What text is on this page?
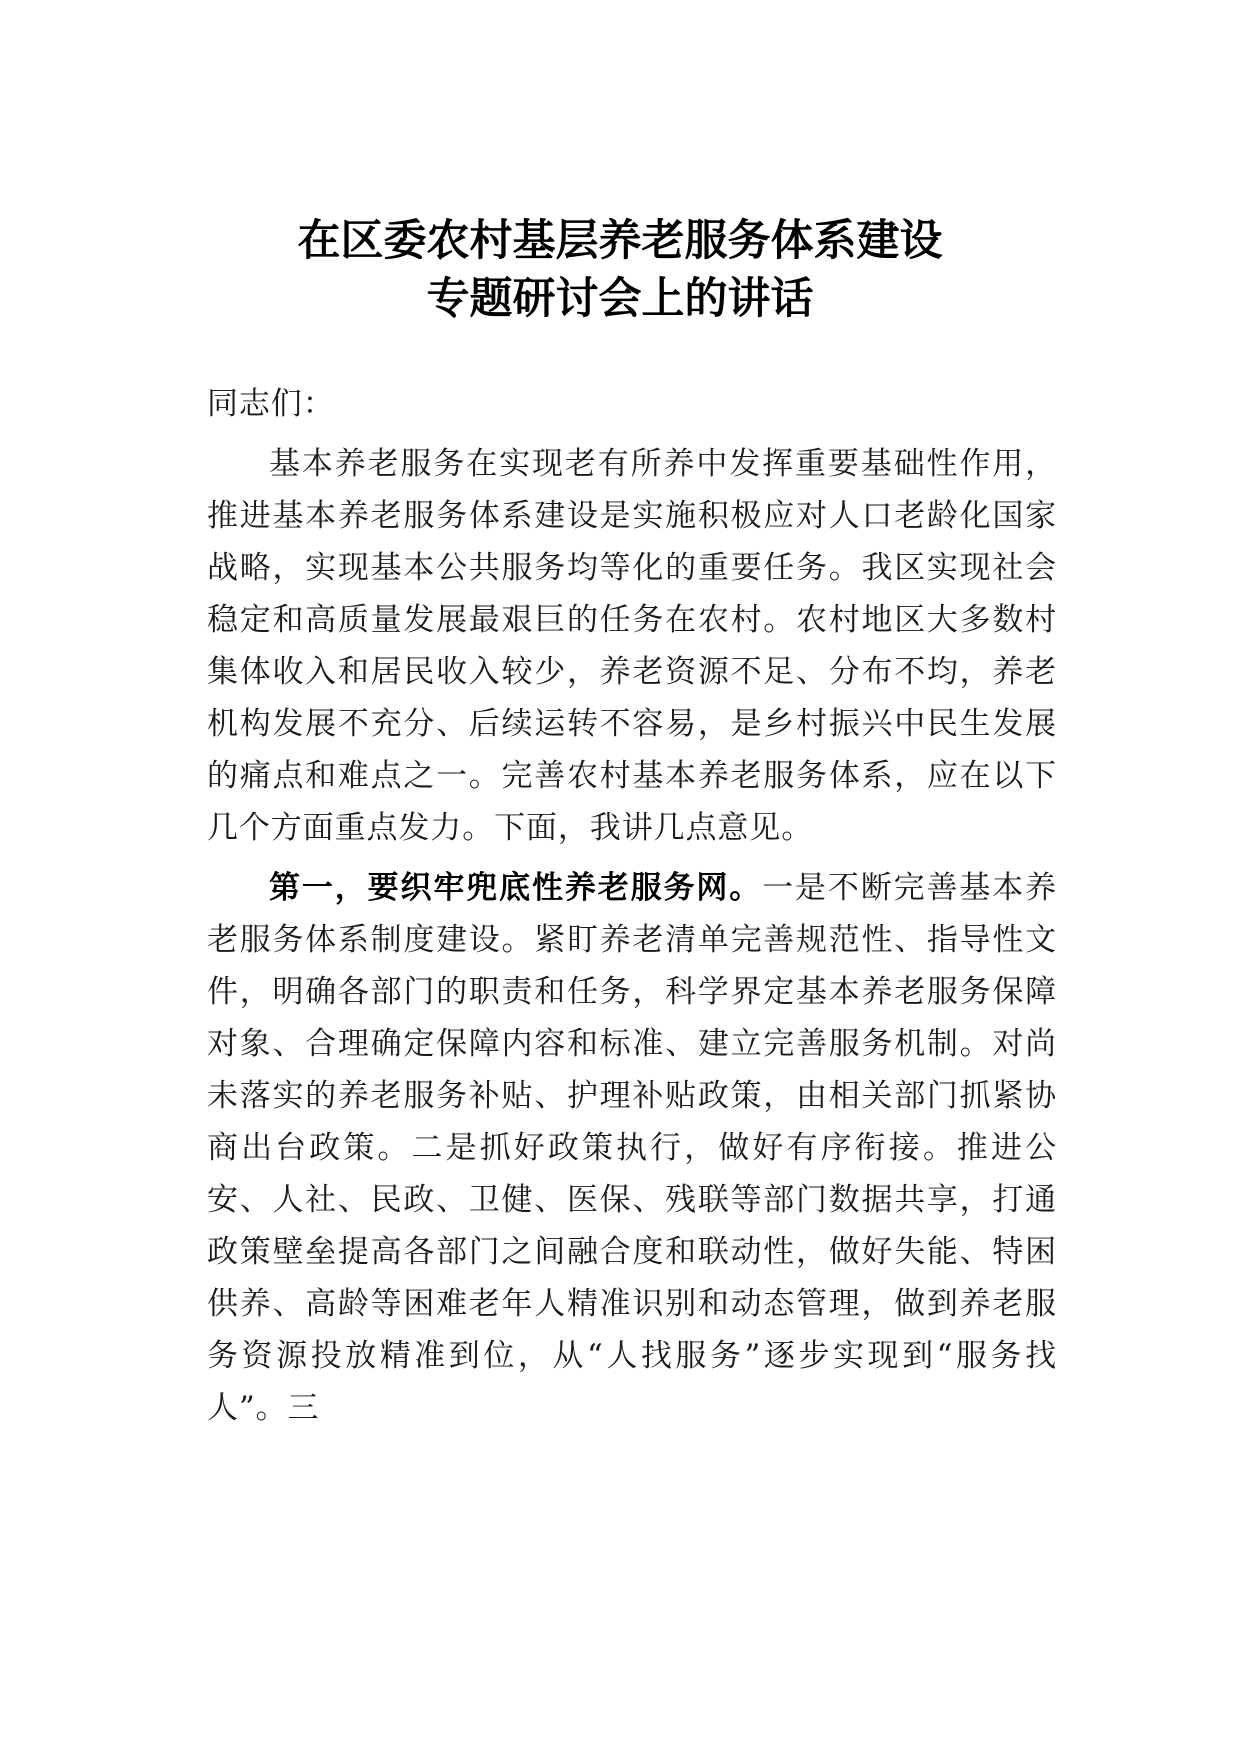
在区委农村基层养老服务体系建设
专题研讨会上的讲话

同志们：

基本养老服务在实现老有所养中发挥重要基础性作用，推进基本养老服务体系建设是实施积极应对人口老龄化国家战略，实现基本公共服务均等化的重要任务。我区实现社会稳定和高质量发展最艰巨的任务在农村。农村地区大多数村集体收入和居民收入较少，养老资源不足、分布不均，养老机构发展不充分、后续运转不容易，是乡村振兴中民生发展的痛点和难点之一。完善农村基本养老服务体系，应在以下几个方面重点发力。下面，我讲几点意见。

第一，要织牢兜底性养老服务网。一是不断完善基本养老服务体系制度建设。紧盯养老清单完善规范性、指导性文件，明确各部门的职责和任务，科学界定基本养老服务保障对象、合理确定保障内容和标准、建立完善服务机制。对尚未落实的养老服务补贴、护理补贴政策，由相关部门抓紧协商出台政策。二是抓好政策执行，做好有序衔接。推进公安、人社、民政、卫健、医保、残联等部门数据共享，打通政策壁垒提高各部门之间融合度和联动性，做好失能、特困供养、高龄等困难老年人精准识别和动态管理，做到养老服务资源投放精准到位，从“人找服务”逐步实现到“服务找人”。三
